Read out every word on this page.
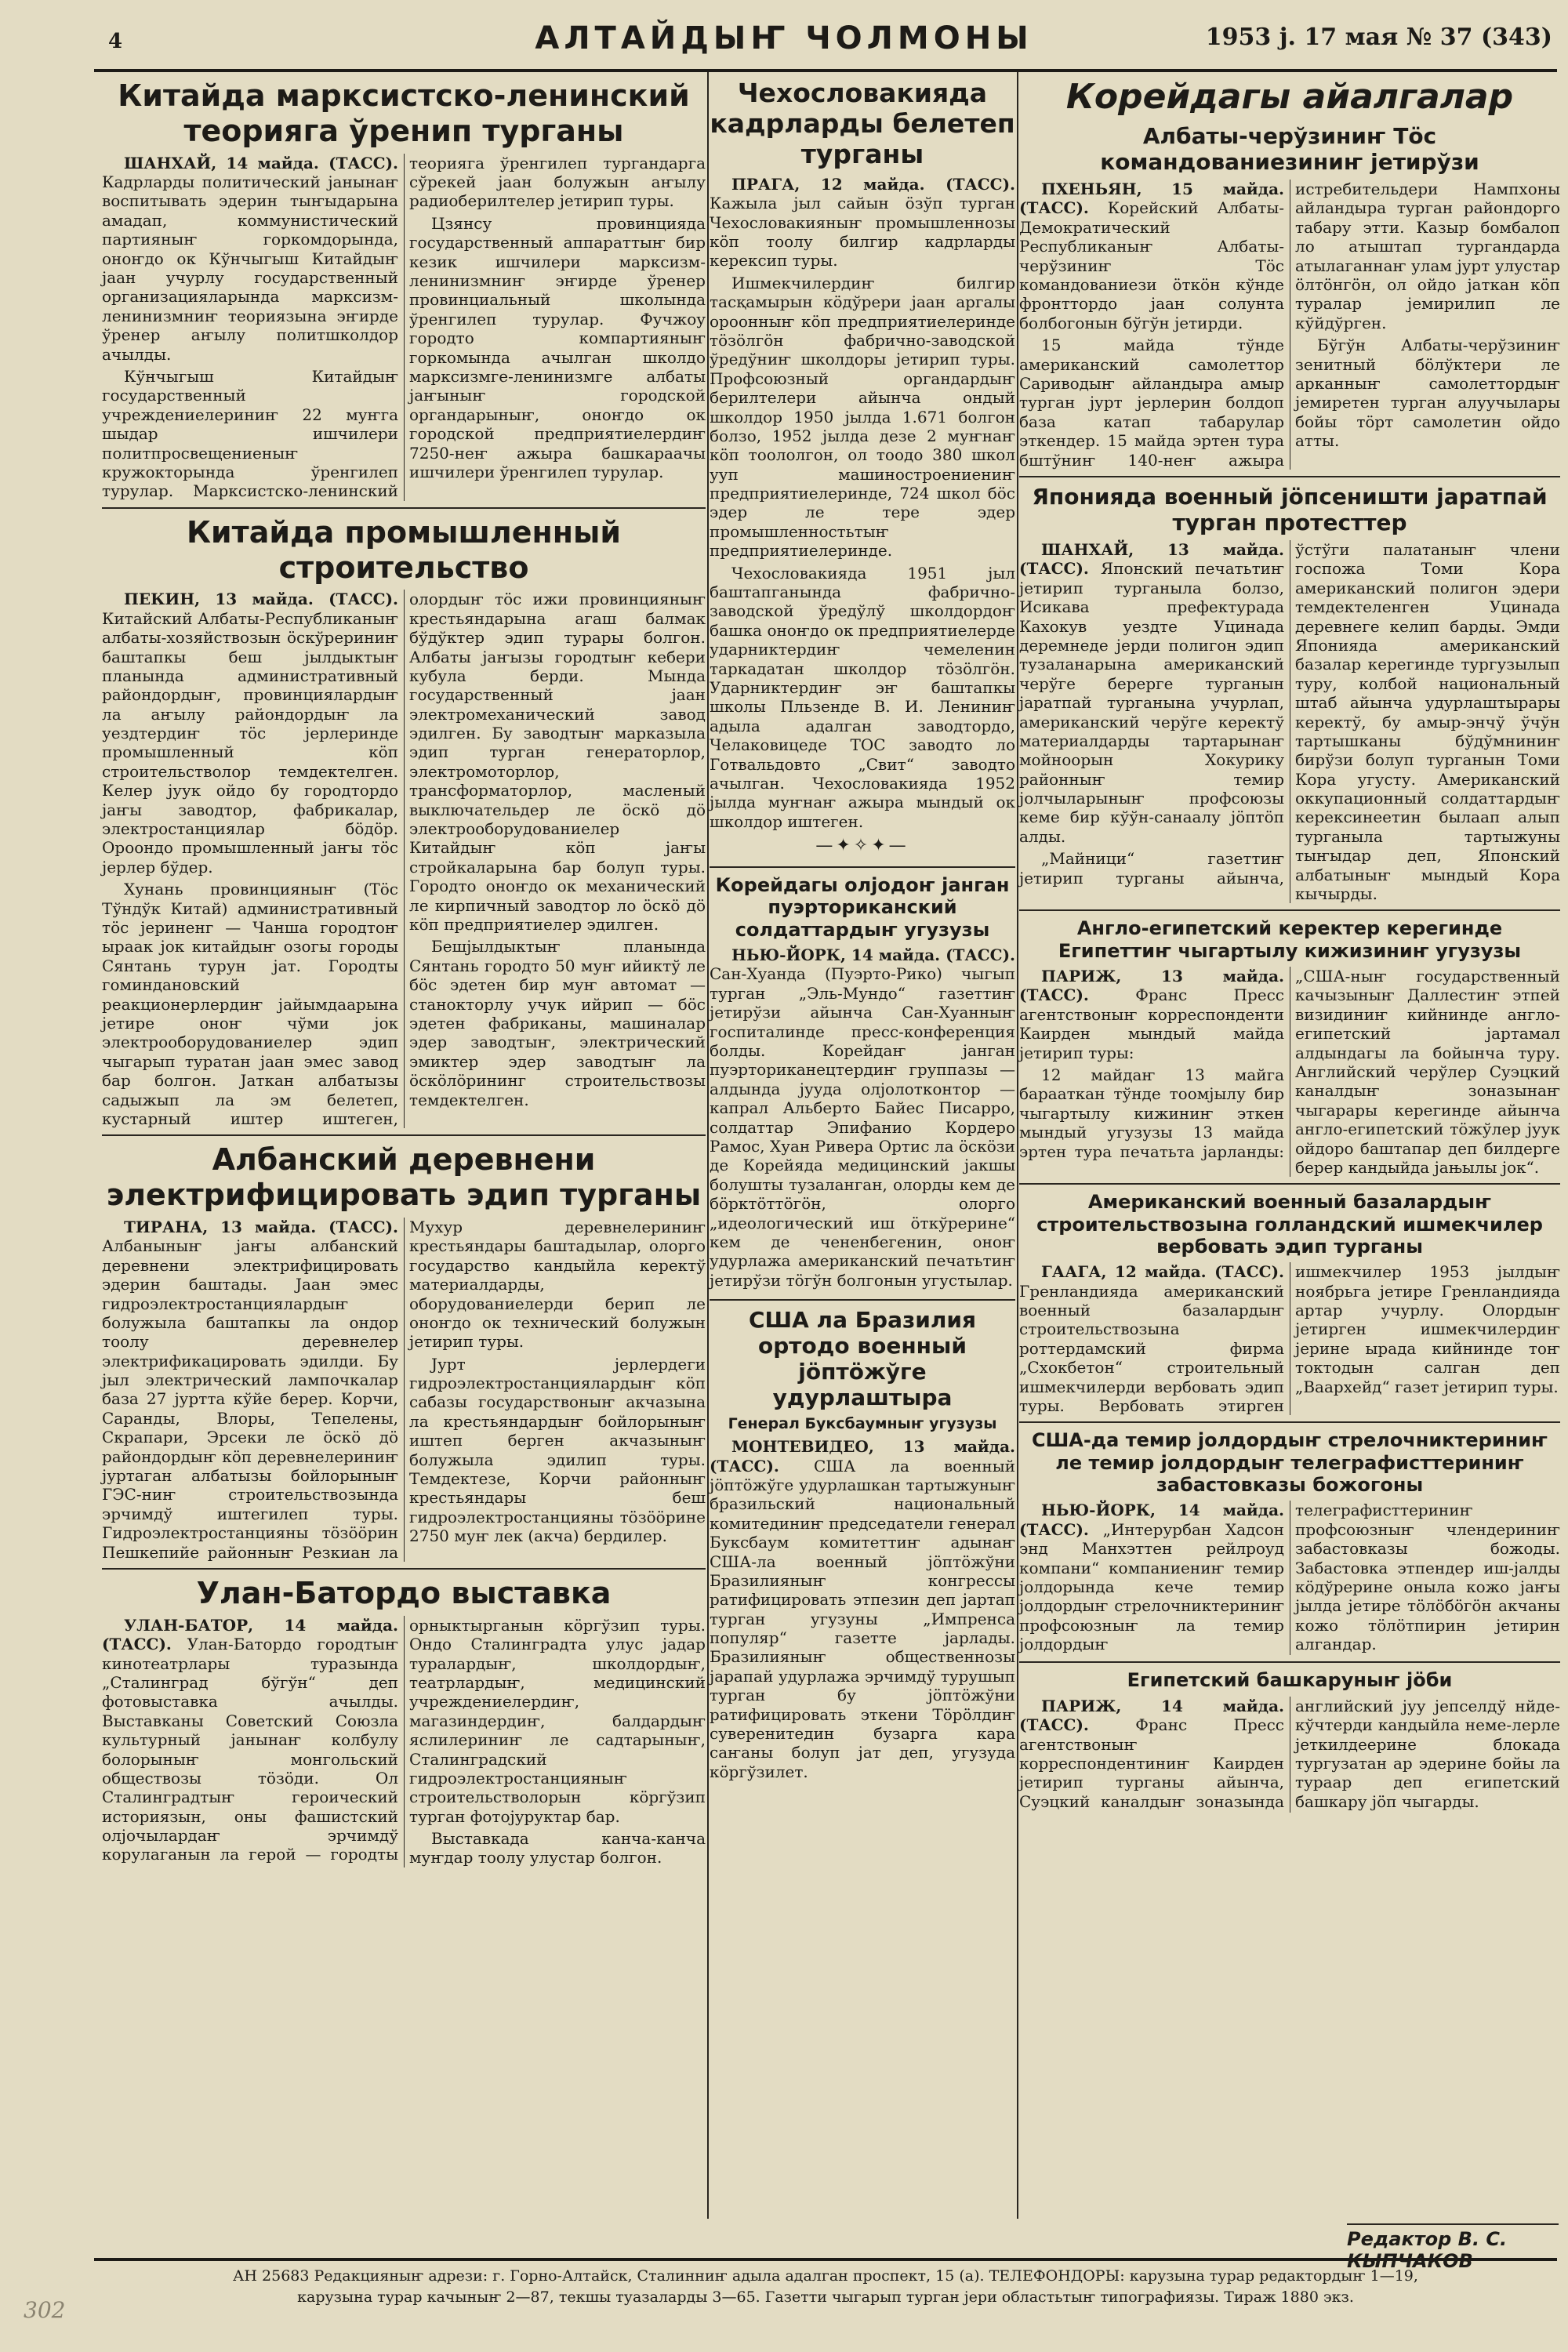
4	АЛТАЙДЫҤ ЧОЛМОНЫ	1953 ј. 17 мая № 37 (343)
Китайда марксистско-ленинский теорияга ўренип турганы

ШАНХАЙ, 14 майда. (ТАСС). Кадрларды политический јанынаҥ воспитывать эдерин тыҥыдарына амадап, коммунистический партияныҥ горкомдорында, оноҥдо ок Кўнчыгыш Китайдыҥ јаан учурлу государственный организацияларында марксизм-ленинизмниҥ теориязына эҥирде ўренер аҥылу политшколдор ачылды.

Кўнчыгыш Китайдыҥ государственный учреждениелериниҥ 22 муҥга шыдар ишчилери политпросвещениеныҥ кружокторында ўренгилеп турулар. Марксистско-ленинский теорияга ўренгилеп тургандарга сўрекей јаан болужын аҥылу радиоберилтелер јетирип туры.

Цзянсу провинцияда государственный аппараттыҥ бир кезик ишчилери марксизм-ленинизмниҥ эҥирде ўренер провинциальный школында ўренгилеп турулар. Фучжоу городто компартияныҥ горкомында ачылган школдо марксизмге-ленинизмге албаты јаҥыныҥ городской органдарыныҥ, оноҥдо ок городской предприятиелердиҥ 7250-неҥ ажыра башкараачы ишчилери ўренгилеп турулар.

Китайда промышленный строительство

ПЕКИН, 13 майда. (ТАСС). Китайский Албаты-Республиканыҥ албаты-хозяйствозын ӧскўрериниҥ баштапкы беш јылдыктыҥ планында административный райондордыҥ, провинциялардыҥ ла аҥылу райондордыҥ ла уездтердиҥ тӧс јерлеринде промышленный кӧп строительстволор темдектелген. Келер јуук ойдо бу городтордо јаҥы заводтор, фабрикалар, электростанциялар бӧдӧр. Ороондо промышленный јаҥы тӧс јерлер бўдер.

Хунань провинцияныҥ (Тӧс Тўндўк Китай) административный тӧс јериненг — Чанша городтоҥ ыраак јок китайдыҥ озогы городы Сянтань турун јат. Городты гоминдановский реакционерлердиҥ јайымдаарына јетире оноҥ чўми јок электрооборудованиелер эдип чыгарып туратан јаан эмес завод бар болгон. Јаткан албатызы садыжып ла эм белетеп, кустарный иштер иштеген, олордыҥ тӧс ижи провинцияныҥ крестьяндарына агаш балмак бўдўктер эдип турары болгон. Албаты јаҥызы городтыҥ кебери кубула берди. Мында государственный јаан электромеханический завод эдилген. Бу заводтыҥ марказыла эдип турган генераторлор, электромоторлор, трансформаторлор, масленый выключательдер ле ӧскӧ дӧ электрооборудованиелер Китайдыҥ кӧп јаҥы стройкаларына бар болуп туры. Городто оноҥдо ок механический ле кирпичный заводтор ло ӧскӧ дӧ кӧп предприятиелер эдилген.

Бешјылдыктыҥ планында Сянтань городто 50 муҥ ийиктў ле бӧс эдетен бир муҥ автомат — станокторлу учук ийрип — бӧс эдетен фабриканы, машиналар эдер заводтыҥ, электрический эмиктер эдер заводтыҥ ла ӧскӧлӧрининг строительствозы темдектелген.

Албанский деревнени электрифицировать эдип турганы

ТИРАНА, 13 майда. (ТАСС). Албаныныҥ јаҥы албанский деревнени электрифицировать эдерин баштады. Јаан эмес гидроэлектростанциялардыҥ болужыла баштапкы ла ондор тоолу деревнелер электрификацировать эдилди. Бу јыл электрический лампочкалар база 27 јуртта кўйе берер. Корчи, Саранды, Влоры, Тепелены, Скрапари, Эрсеки ле ӧскӧ дӧ райондордыҥ кӧп деревнелериниҥ јуртаган албатызы бойлорыныҥ ГЭС-ниҥ строительствозында эрчимдў иштегилеп туры. Гидроэлектростанцияны тӧзӧӧрин Пешкепийе районныҥ Резкиан ла Мухур деревнелериниҥ крестьяндары баштадылар, олорго государство кандыйла керектў материалдарды, оборудованиелерди берип ле оноҥдо ок технический болужын јетирип туры.

Јурт јерлердеги гидроэлектростанциялардыҥ кӧп сабазы государствоныҥ акчазына ла крестьяндардыҥ бойлорыныҥ иштеп берген акчазыныҥ болужыла эдилип туры. Темдектезе, Корчи районныҥ крестьяндары беш гидроэлектростанцияны тӧзӧӧрине 2750 муҥ лек (акча) бердилер.

Улан-Батордо выставка

УЛАН-БАТОР, 14 майда. (ТАСС). Улан-Батордо городтыҥ кинотеатрлары туразында „Сталинград бўгўн“ деп фотовыставка ачылды. Выставканы Советский Союзла культурный јанынаҥ колбулу болорыныҥ монгольский обществозы тӧзӧди. Ол Сталинградтыҥ героический историязын, оны фашистский олјочылардаҥ эрчимдў корулаганын ла герой — городты орныктырганын кӧргўзип туры. Ондо Сталинградта улус јадар туралардыҥ, школдордыҥ, театрлардыҥ, медицинский учреждениелердиҥ, магазиндердиҥ, балдардыҥ яслилериниҥ ле садтарыныҥ, Сталинградский гидроэлектростанцияныҥ строительстволорын кӧргўзип турган фотоjуруктар бар.

Выставкада канча-канча муҥдар тоолу улустар болгон.

Чехословакияда кадрларды белетеп турганы

ПРАГА, 12 майда. (ТАСС). Кажыла јыл сайын ӧзўп турган Чехословакияныҥ промышленнозы кӧп тоолу билгир кадрларды керексип туры.

Ишмекчилердиҥ билгир тасқамырын кӧдўрери јаан аргалы ороонныҥ кӧп предприятиелеринде тӧзӧлгӧн фабрично-заводской ўредўниҥ школдоры јетирип туры. Профсоюзный органдардыҥ берилтелери айынча ондый школдор 1950 јылда 1.671 болгон болзо, 1952 јылда дезе 2 муҥнаҥ кӧп тоололгон, ол тоодо 380 школ ууп машиностроениениҥ предприятиелеринде, 724 школ бӧс эдер ле тере эдер промышленностьтыҥ предприятиелеринде.

Чехословакияда 1951 јыл баштапганында фабрично-заводской ўредўлў школдордоҥ башка оноҥдо ок предприятиелерде ударниктердиҥ чемеленин таркадатан школдор тӧзӧлгӧн. Ударниктердиҥ эҥ баштапкы школы Пльзенде В. И. Лениниҥ адыла адалган заводтордо, Челаковицеде ТОС заводто ло Готвальдовто „Свит“ заводто ачылган. Чехословакияда 1952 јылда муҥнаҥ ажыра мындый ок школдор иштеген.

—✦✧✦—
Корейдагы олјодоҥ јанган пуэрториканский солдаттардыҥ угузузы

НЬЮ-ЙОРК, 14 майда. (ТАСС). Сан-Хуанда (Пуэрто-Рико) чыгып турган „Эль-Мундо“ газеттиҥ јетирўзи айынча Сан-Хуанныҥ госпиталинде пресс-конференция болды. Корейдаҥ јанган пуэрториканецтердиҥ группазы — алдында јууда олјолотконтор — капрал Альберто Байес Писарро, солдаттар Эпифанио Кордеро Рамос, Хуан Ривера Ортис ла ӧскӧзи де Корейяда медицинский јакшы болушты тузаланган, олорды кем де бӧрктӧттӧгӧн, олорго „идеологический иш ӧткўрерине“ кем де чененбегенин, оноҥ удурлажа американский печатьтиҥ јетирўзи тӧгўн болгонын угустылар.

США ла Бразилия ортодо военный јӧптӧжўге удурлаштыра
Генерал Буксбаумныҥ угузузы

МОНТЕВИДЕО, 13 майда. (ТАСС). США ла военный јӧптӧжўге удурлашкан тартыжуныҥ бразильский национальный комитединиҥ председатели генерал Буксбаум комитеттиҥ адынаҥ США-ла военный јӧптӧжўни Бразилияныҥ конгрессы ратифицировать этпезин деп јартап турган угузуны „Импренса популяр“ газетте јарлады. Бразилияныҥ общественнозы јарапай удурлажа эрчимдў турушып турган бу јӧптӧжўни ратифицировать эткени Тӧрӧлдиҥ суверенитедин бузарга кара саҥаны болуп јат деп, угузуда кӧргўзилет.

Корейдагы айалгалар
Албаты-черўзиниҥ Тӧс командованиезиниҥ јетирўзи

ПХЕНЬЯН, 15 майда. (ТАСС). Корейский Албаты-Демократический Республиканыҥ Албаты-черўзиниҥ Тӧс командованиези ӧткӧн кўнде фронттордо јаан солунта болбогонын бўгўн јетирди.

15 майда тўнде американский самолеттор Сариводыҥ айландыра амыр турган јурт јерлерин болдоп база катап табарулар эткендер. 15 майда эртен тура бштўниҥ 140-неҥ ажыра истребительдери Нампхоны айландыра турган райондорго табару этти. Казыр бомбалоп ло атыштап тургандарда атылаганнаҥ улам јурт улустар ӧлтӧнгӧн, ол ойдо јаткан кӧп туралар јемирилип ле кўйдўрген.

Бўгўн Албаты-черўзиниҥ зенитный бӧлўктери ле арканныҥ самолеттордыҥ јемиретен турган алуучылары бойы тӧрт самолетин ойдо атты.

Японияда военный јӧпсеништи јаратпай турган протесттер

ШАНХАЙ, 13 майда. (ТАСС). Японский печатьтиҥ јетирип турганыла болзо, Исикава префектурада Кахокув уездте Уцинада деремнеде јерди полигон эдип тузаланарына американский черўге берерге турганын јаратпай турганына учурлап, американский черўге керектў материалдарды тартарынаҥ мойноорын Хокурику районныҥ темир јолчыларыныҥ профсоюзы кеме бир кўўн-санаалу јӧптӧп алды.

„Майници“ газеттиҥ јетирип турганы айынча, ўстўги палатаныҥ члени госпожа Томи Кора американский полигон эдери темдектеленген Уцинада деревнеге келип барды. Эмди Японияда американский базалар керегинде тургузылып туру, колбой национальный штаб айынча удурлаштырары керектў, бу амыр-энчў ўчўн тартышканы бўдўмниниҥ бирўзи болуп турганын Томи Кора угусту. Американский оккупационный солдаттардыҥ керексинеетин былаап алып турганыла тартыжуны тыҥыдар деп, Японский албатыныҥ мындый Кора кычырды.

Англо-египетский керектер керегинде Египеттиҥ чыгартылу кижизиниҥ угузузы

ПАРИЖ, 13 майда. (ТАСС).	Франс Пресс агентствоныҥ корреспонденти Каирден мындый майда јетирип туры:

12 майдаҥ 13 майга барааткан тўнде тоомјылу бир чыгартылу кижиниҥ эткен мындый угузузы 13 майда эртен тура печатьта јарланды: „США-ныҥ государственный качызыныҥ Даллестиҥ этпей визидиниҥ кийнинде англо-египетский јартамал алдындагы ла бойынча туру. Английский черўлер Суэцкий каналдыҥ зоназынаҥ чыгарары керегинде айынча англо-египетский тӧжўлер јуук ойдоро баштапар деп билдерге берер кандыйда јањылы јок“.

Американский военный базалардыҥ строительствозына голландский ишмекчилер вербовать эдип турганы

ГААГА, 12 майда. (ТАСС). Гренландияда американский военный базалардыҥ строительствозына роттердамский фирма „Схокбетон“ строительный ишмекчилерди вербовать эдип туры. Вербовать этирген ишмекчилер 1953 јылдыҥ ноябрьга јетире Гренландияда артар учурлу. Олордыҥ јетирген ишмекчилердиҥ јерине ырада кийнинде тоҥ токтодын салган деп „Ваархейд“ газет јетирип туры.

США-да темир јолдордыҥ стрелочниктериниҥ ле темир јолдордыҥ телеграфисттериниҥ забастовказы божогоны

НЬЮ-ЙОРК, 14 майда. (ТАСС). „Интерурбан Хадсон энд Манхэттен рейлроуд компани“ компаниениҥ темир јолдорында кече темир јолдордыҥ стрелочниктериниҥ профсоюзныҥ ла темир јолдордыҥ телеграфисттериниҥ профсоюзныҥ члендериниҥ забастовказы божоды. Забастовка этпендер иш-јалды кӧдўрерине оныла кожо јаҥы јылда јетире тӧлӧбӧгӧн акчаны кожо тӧлӧтпирин јетирин алгандар.

Египетский башкаруныҥ јӧби

ПАРИЖ, 14 майда. (ТАСС).	Франс Пресс агентствоныҥ корреспондентиниҥ Каирден јетирип турганы айынча, Суэцкий каналдыҥ зоназында английский јуу јепселдў нйде-кўчтерди кандыйла неме-лерле јеткилдеерине блокада тургузатан ар эдерине бойы ла тураар деп египетский башкару јӧп чыгарды.

Редактор В. С. КЫПЧАКОВ
АН 25683 Редакцияныҥ адрези: г. Горно-Алтайск, Сталинниҥ адыла адалган проспект, 15 (а). ТЕЛЕФОНДОРЫ: карузына турар редактордыҥ 1—19,
карузына турар качыныҥ 2—87, текшы туазаларды 3—65. Газетти чыгарып турган јери областьтыҥ типографиязы. Тираж 1880 экз.
302
